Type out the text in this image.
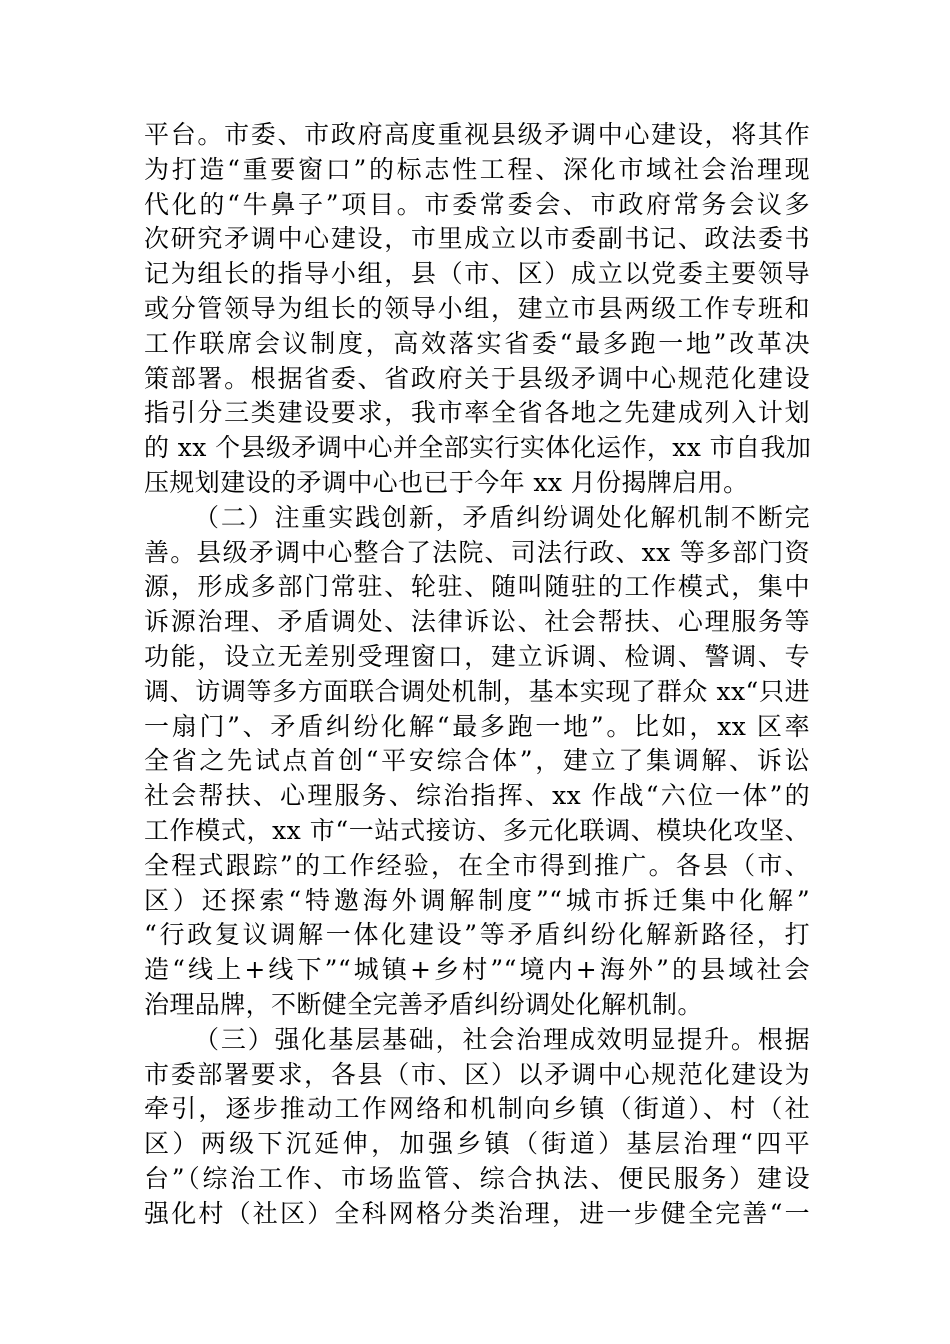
平台。市委、市政府高度重视县级矛调中心建设，将其作
为打造“重要窗口”的标志性工程、深化市域社会治理现
代化的“牛鼻子”项目。市委常委会、市政府常务会议多
次研究矛调中心建设，市里成立以市委副书记、政法委书
记为组长的指导小组，县（市、区）成立以党委主要领导
或分管领导为组长的领导小组，建立市县两级工作专班和
工作联席会议制度，高效落实省委“最多跑一地”改革决
策部署。根据省委、省政府关于县级矛调中心规范化建设
指引分三类建设要求，我市率全省各地之先建成列入计划
的 xx 个县级矛调中心并全部实行实体化运作，xx 市自我加
压规划建设的矛调中心也已于今年 xx 月份揭牌启用。
（二）注重实践创新，矛盾纠纷调处化解机制不断完
善。县级矛调中心整合了法院、司法行政、xx 等多部门资
源，形成多部门常驻、轮驻、随叫随驻的工作模式，集中
诉源治理、矛盾调处、法律诉讼、社会帮扶、心理服务等
功能，设立无差别受理窗口，建立诉调、检调、警调、专
调、访调等多方面联合调处机制，基本实现了群众 xx“只进
一扇门”、矛盾纠纷化解“最多跑一地”。比如，xx 区率
全省之先试点首创“平安综合体”，建立了集调解、诉讼
社会帮扶、心理服务、综治指挥、xx 作战“六位一体”的
工作模式，xx 市“一站式接访、多元化联调、模块化攻坚、
全程式跟踪”的工作经验，在全市得到推广。各县（市、
区）还探索“特邀海外调解制度”“城市拆迁集中化解”
“行政复议调解一体化建设”等矛盾纠纷化解新路径，打
造“线上+线下”“城镇+乡村”“境内+海外”的县域社会
治理品牌，不断健全完善矛盾纠纷调处化解机制。
（三）强化基层基础，社会治理成效明显提升。根据
市委部署要求，各县（市、区）以矛调中心规范化建设为
牵引，逐步推动工作网络和机制向乡镇（街道）、村（社
区）两级下沉延伸，加强乡镇（街道）基层治理“四平
台”（综治工作、市场监管、综合执法、便民服务）建设
强化村（社区）全科网格分类治理，进一步健全完善“一
